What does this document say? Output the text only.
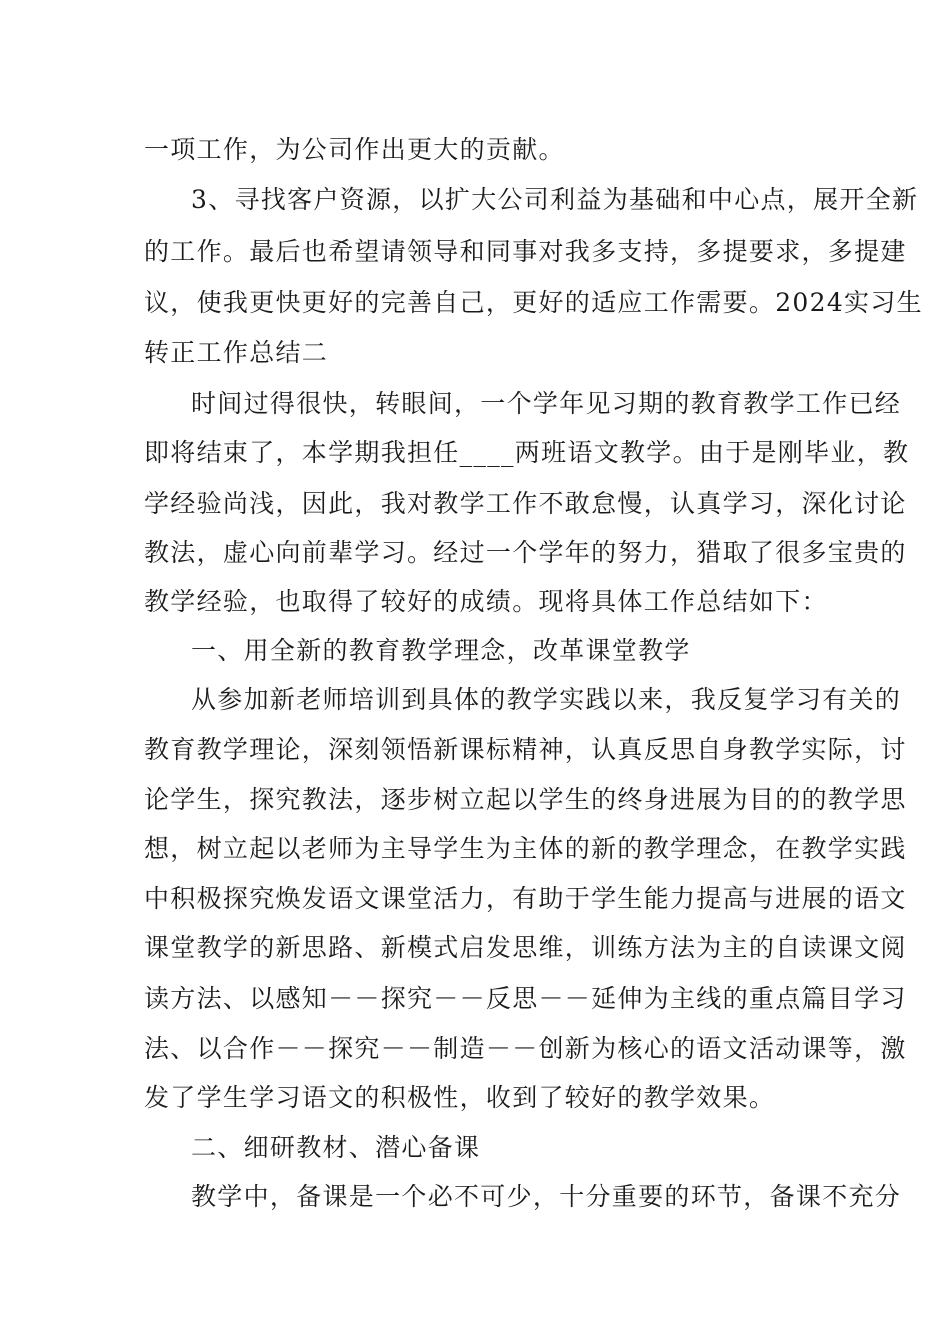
一项工作，为公司作出更大的贡献。
3、寻找客户资源，以扩大公司利益为基础和中心点，展开全新
的工作。最后也希望请领导和同事对我多支持，多提要求，多提建
议，使我更快更好的完善自己，更好的适应工作需要。2024实习生
转正工作总结二
时间过得很快，转眼间，一个学年见习期的教育教学工作已经
即将结束了，本学期我担任____两班语文教学。由于是刚毕业，教
学经验尚浅，因此，我对教学工作不敢怠慢，认真学习，深化讨论
教法，虚心向前辈学习。经过一个学年的努力，猎取了很多宝贵的
教学经验，也取得了较好的成绩。现将具体工作总结如下：
一、用全新的教育教学理念，改革课堂教学
从参加新老师培训到具体的教学实践以来，我反复学习有关的
教育教学理论，深刻领悟新课标精神，认真反思自身教学实际，讨
论学生，探究教法，逐步树立起以学生的终身进展为目的的教学思
想，树立起以老师为主导学生为主体的新的教学理念，在教学实践
中积极探究焕发语文课堂活力，有助于学生能力提高与进展的语文
课堂教学的新思路、新模式启发思维，训练方法为主的自读课文阅
读方法、以感知－－探究－－反思－－延伸为主线的重点篇目学习
法、以合作－－探究－－制造－－创新为核心的语文活动课等，激
发了学生学习语文的积极性，收到了较好的教学效果。
二、细研教材、潜心备课
教学中，备课是一个必不可少，十分重要的环节，备课不充分
